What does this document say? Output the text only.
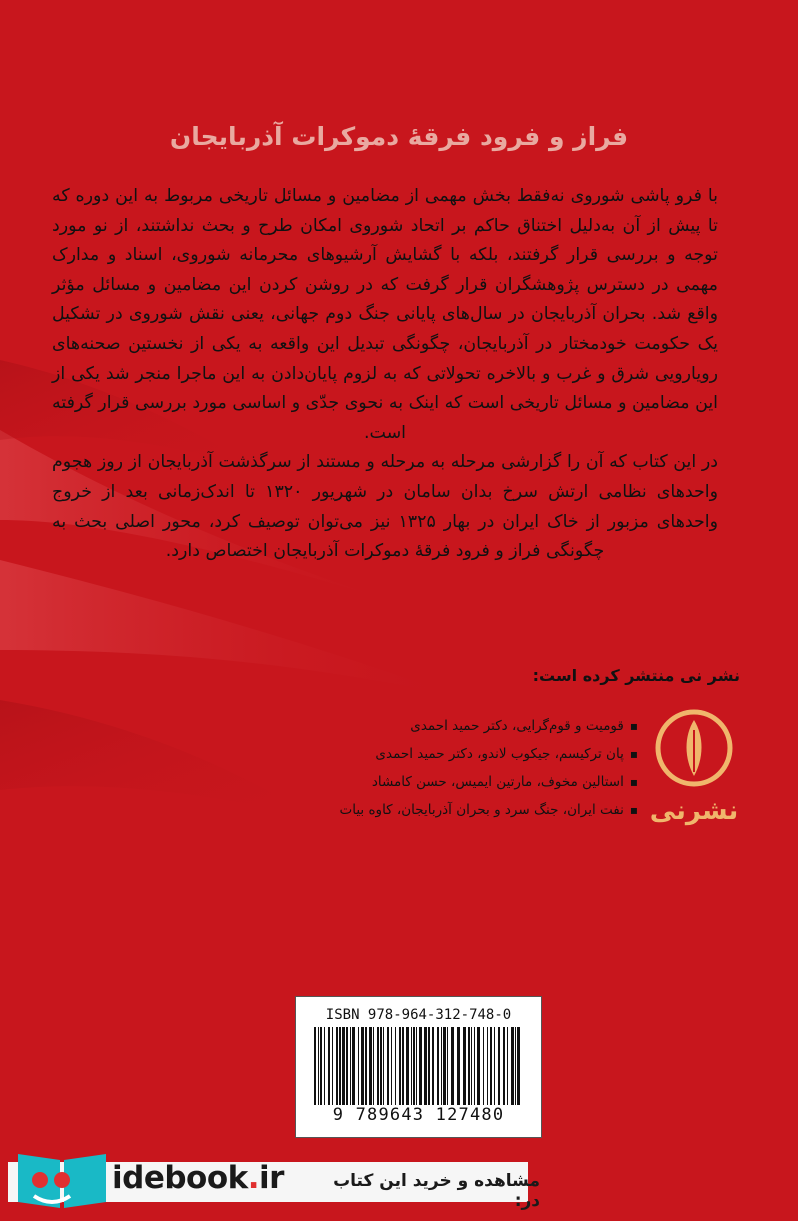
فراز و فرود فرقهٔ دموکرات آذربایجان

با فرو پاشی شوروی نه‌فقط بخش مهمی از مضامین و مسائل تاریخی مربوط به این دوره که تا پیش از آن به‌دلیل اختناق حاکم بر اتحاد شوروی امکان طرح و بحث نداشتند، از نو مورد توجه و بررسی قرار گرفتند، بلکه با گشایش آرشیوهای محرمانه شوروی، اسناد و مدارک مهمی در دسترس پژوهشگران قرار گرفت که در روشن کردن این مضامین و مسائل مؤثر واقع شد. بحران آذربایجان در سال‌های پایانی جنگ دوم جهانی، یعنی نقش شوروی در تشکیل یک حکومت خودمختار در آذربایجان، چگونگی تبدیل این واقعه به یکی از نخستین صحنه‌های رویارویی شرق و غرب و بالاخره تحولاتی که به لزوم پایان‌دادن به این ماجرا منجر شد یکی از این مضامین و مسائل تاریخی است که اینک به نحوی جدّی و اساسی مورد بررسی قرار گرفته است.

در این کتاب که آن را گزارشی مرحله به مرحله و مستند از سرگذشت آذربایجان از روز هجوم واحدهای نظامی ارتش سرخ بدان سامان در شهریور ۱۳۲۰ تا اندک‌زمانی بعد از خروج واحدهای مزبور از خاک ایران در بهار ۱۳۲۵ نیز می‌توان توصیف کرد، محور اصلی بحث به چگونگی فراز و فرود فرقهٔ دموکرات آذربایجان اختصاص دارد.

نشر نی منتشر کرده است:
▪ قومیت و قوم‌گرایی، دکتر حمید احمدی
▪ پان ترکیسم، جیکوب لاندو، دکتر حمید احمدی
▪ استالین مخوف، مارتین ایمیس، حسن کامشاد
▪ نفت ایران، جنگ سرد و بحران آذربایجان، کاوه بیات نشرنی
ISBN 978-964-312-748-0
9 789643 127480
idebook.ir	مشاهده و خرید این کتاب در:
